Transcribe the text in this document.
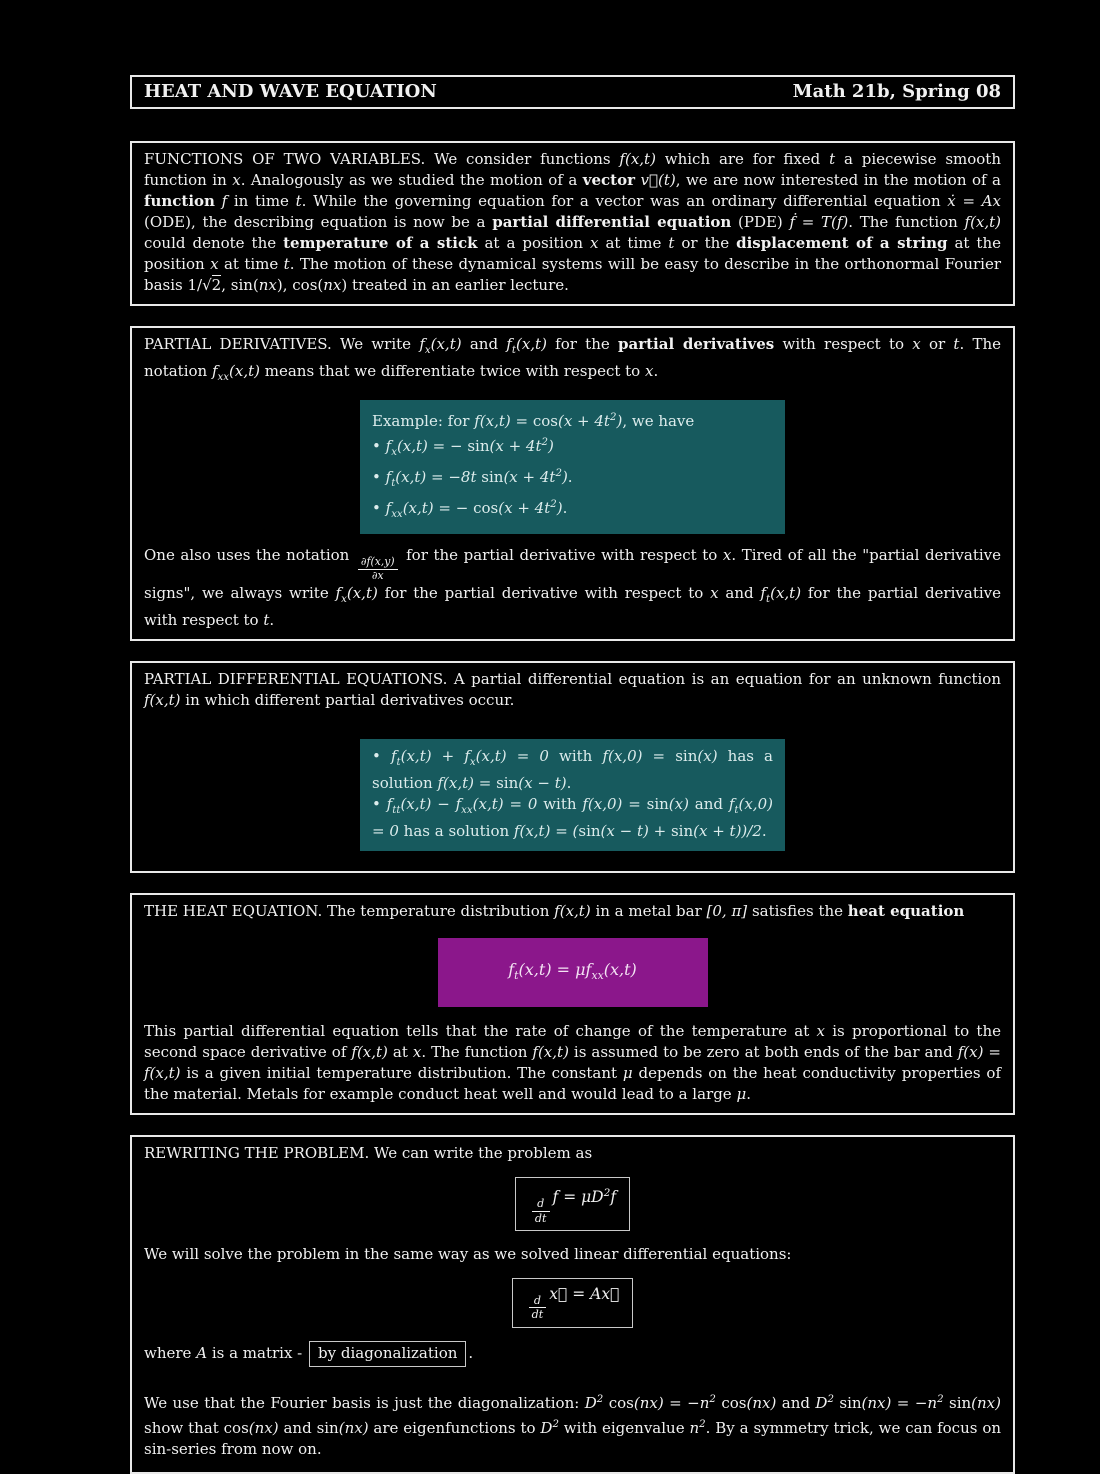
HEAT AND WAVE EQUATION	Math 21b, Spring 08

FUNCTIONS OF TWO VARIABLES. We consider functions f(x,t) which are for fixed t a piecewise smooth function in x. Analogously as we studied the motion of a vector v⃗(t), we are now interested in the motion of a function f in time t. While the governing equation for a vector was an ordinary differential equation ẋ = Ax (ODE), the describing equation is now be a partial differential equation (PDE) ḟ = T(f). The function f(x,t) could denote the temperature of a stick at a position x at time t or the displacement of a string at the position x at time t. The motion of these dynamical systems will be easy to describe in the orthonormal Fourier basis 1/√2, sin(nx), cos(nx) treated in an earlier lecture.

PARTIAL DERIVATIVES. We write $f_x(x,t)$ and $f_t(x,t)$ for the partial derivatives with respect to x or t. The notation $f_{xx}(x,t)$ means that we differentiate twice with respect to x.

Example: for $f(x,t) = \cos(x + 4t^2)$, we have

• $f_x(x,t)$ = − $\sin(x + 4t^2)$

• $f_t(x,t) = -8t$ $\sin(x + 4t^2)$.

• $f_{xx}(x,t)$ = − $\cos(x + 4t^2)$.

One also uses the notation
$\frac{\partial f(x,y)}{\partial x}$
for the partial derivative with respect to x. Tired of all the "partial derivative signs", we always write $f_x(x,t)$ for the partial derivative with respect to x and $f_t(x,t)$ for the partial derivative with respect to t.

PARTIAL DIFFERENTIAL EQUATIONS. A partial differential equation is an equation for an unknown function f(x,t) in which different partial derivatives occur.

• $f_t(x,t) + f_x(x,t) = 0$ with f(x,0) = sin(x) has a solution f(x,t) = sin(x − t).

• $f_{tt}(x,t) - f_{xx}(x,t) = 0$ with f(x,0) = sin(x) and $f_t(x,0) = 0$ has a solution f(x,t) = (sin(x − t) + sin(x + t))/2.

THE HEAT EQUATION. The temperature distribution f(x,t) in a metal bar [0, π] satisfies the heat equation

$f_t(x,t) = \mu f_{xx}(x,t)$

This partial differential equation tells that the rate of change of the temperature at x is proportional to the second space derivative of f(x,t) at x. The function f(x,t) is assumed to be zero at both ends of the bar and f(x) = f(x,t) is a given initial temperature distribution. The constant μ depends on the heat conductivity properties of the material. Metals for example conduct heat well and would lead to a large μ.

REWRITING THE PROBLEM. We can write the problem as

$\frac{d}{dt}$
$f = \mu D^2f$

We will solve the problem in the same way as we solved linear differential equations:

$\frac{d}{dt}$
x⃗ = Ax⃗

where A is a matrix - by diagonalization .

We use that the Fourier basis is just the diagonalization: $D^2$ $\cos(nx) = -n^2$ cos(nx) and $D^2$ $\sin(nx) = -n^2$ sin(nx) show that cos(nx) and sin(nx) are eigenfunctions to $D^2$ with eigenvalue $n^2$. By a symmetry trick, we can focus on sin-series from now on.
